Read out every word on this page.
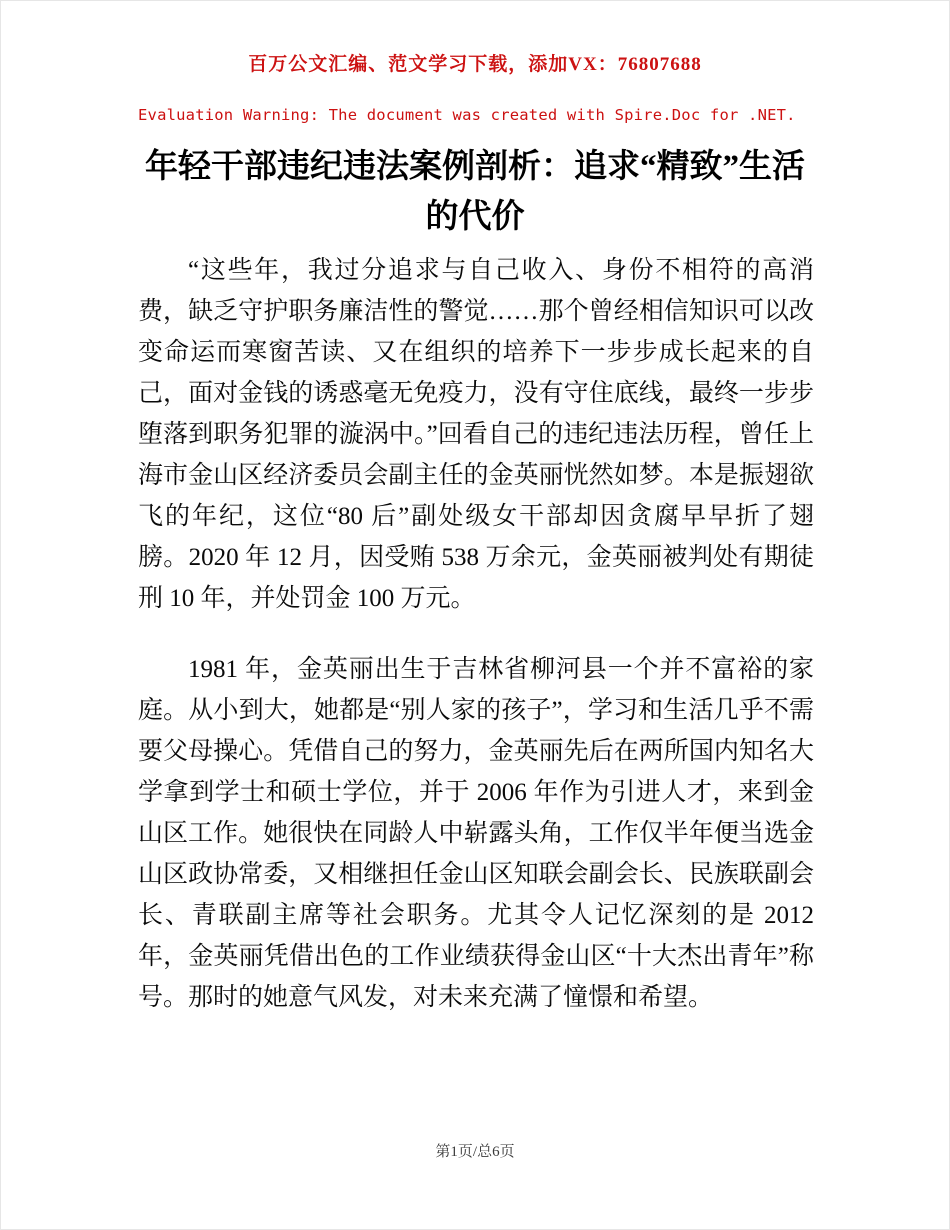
百万公文汇编、范文学习下载，添加VX：76807688
Evaluation Warning: The document was created with Spire.Doc for .NET.
年轻干部违纪违法案例剖析：追求“精致”生活的代价

“这些年，我过分追求与自己收入、身份不相符的高消费，缺乏守护职务廉洁性的警觉……那个曾经相信知识可以改变命运而寒窗苦读、又在组织的培养下一步步成长起来的自己，面对金钱的诱惑毫无免疫力，没有守住底线，最终一步步堕落到职务犯罪的漩涡中。”回看自己的违纪违法历程，曾任上海市金山区经济委员会副主任的金英丽恍然如梦。本是振翅欲飞的年纪，这位“80 后”副处级女干部却因贪腐早早折了翅膀。2020 年 12 月，因受贿 538 万余元，金英丽被判处有期徒刑 10 年，并处罚金 100 万元。

1981 年，金英丽出生于吉林省柳河县一个并不富裕的家庭。从小到大，她都是“别人家的孩子”，学习和生活几乎不需要父母操心。凭借自己的努力，金英丽先后在两所国内知名大学拿到学士和硕士学位，并于 2006 年作为引进人才，来到金山区工作。她很快在同龄人中崭露头角，工作仅半年便当选金山区政协常委，又相继担任金山区知联会副会长、民族联副会长、青联副主席等社会职务。尤其令人记忆深刻的是 2012 年，金英丽凭借出色的工作业绩获得金山区“十大杰出青年”称号。那时的她意气风发，对未来充满了憧憬和希望。

第1页/总6页
